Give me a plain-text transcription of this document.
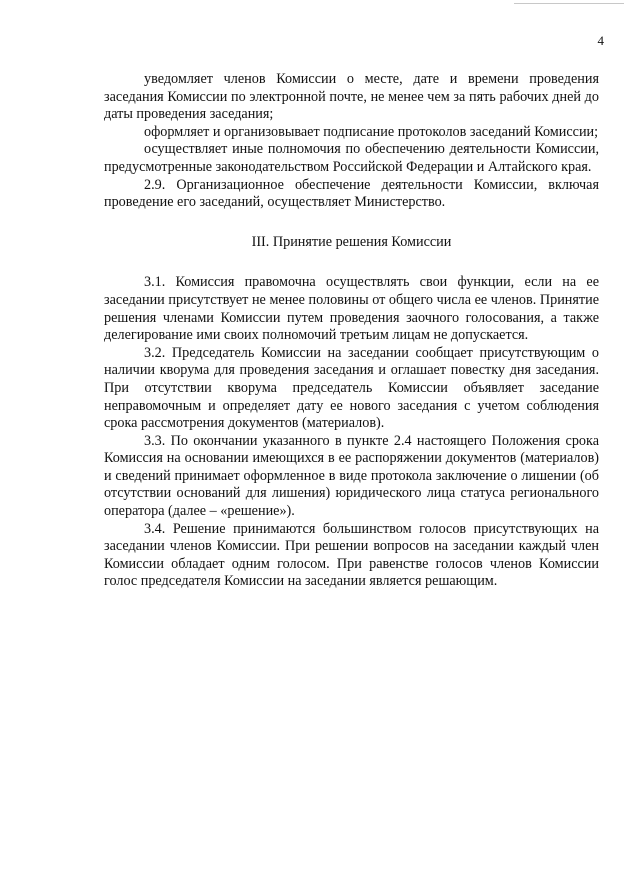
4

уведомляет членов Комиссии о месте, дате и времени проведения заседания Комиссии по электронной почте, не менее чем за пять рабочих дней до даты проведения заседания;

оформляет и организовывает подписание протоколов заседаний Комиссии;

осуществляет иные полномочия по обеспечению деятельности Комиссии, предусмотренные законодательством Российской Федерации и Алтайского края.

2.9. Организационное обеспечение деятельности Комиссии, включая проведение его заседаний, осуществляет Министерство.

III. Принятие решения Комиссии

3.1. Комиссия правомочна осуществлять свои функции, если на ее заседании присутствует не менее половины от общего числа ее членов. Принятие решения членами Комиссии путем проведения заочного голосования, а также делегирование ими своих полномочий третьим лицам не допускается.

3.2. Председатель Комиссии на заседании сообщает присутствующим о наличии кворума для проведения заседания и оглашает повестку дня заседания. При отсутствии кворума председатель Комиссии объявляет заседание неправомочным и определяет дату ее нового заседания с учетом соблюдения срока рассмотрения документов (материалов).

3.3. По окончании указанного в пункте 2.4 настоящего Положения срока Комиссия на основании имеющихся в ее распоряжении документов (материалов) и сведений принимает оформленное в виде протокола заключение о лишении (об отсутствии оснований для лишения) юридического лица статуса регионального оператора (далее – «решение»).

3.4. Решение принимаются большинством голосов присутствующих на заседании членов Комиссии. При решении вопросов на заседании каждый член Комиссии обладает одним голосом. При равенстве голосов членов Комиссии голос председателя Комиссии на заседании является решающим.
